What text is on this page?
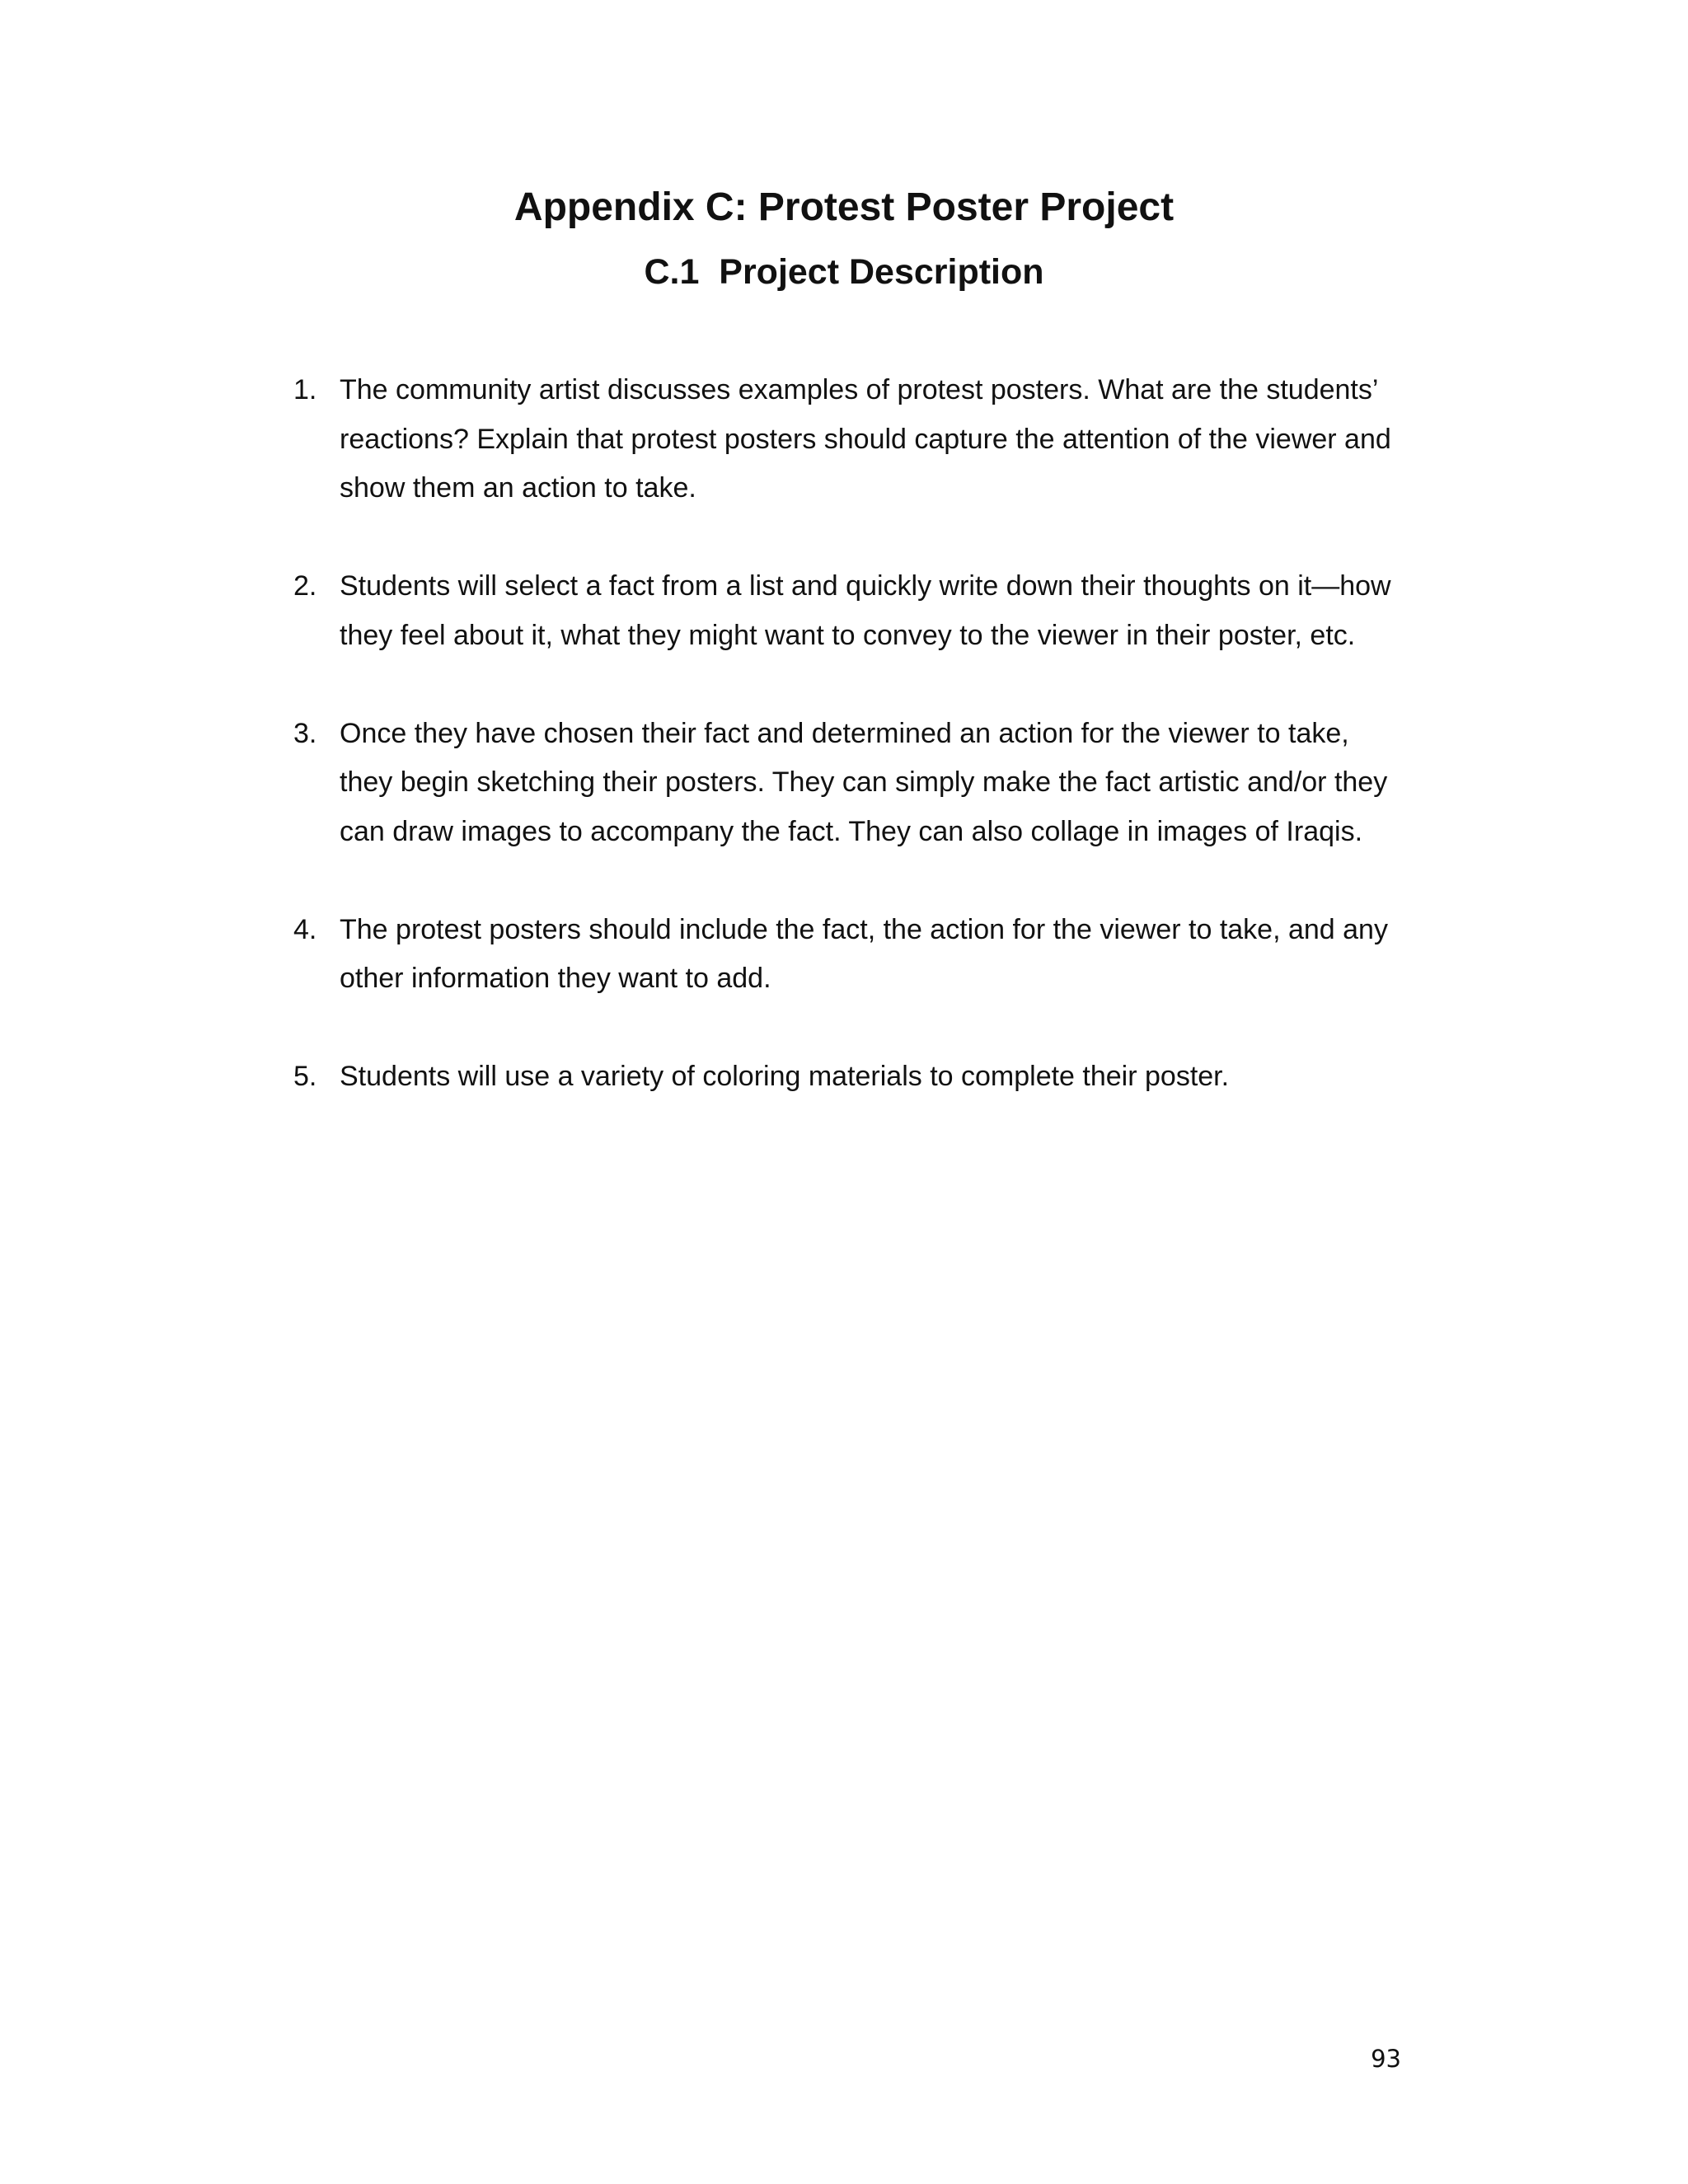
Appendix C: Protest Poster Project
C.1  Project Description
1. The community artist discusses examples of protest posters. What are the students’ reactions? Explain that protest posters should capture the attention of the viewer and show them an action to take.
2. Students will select a fact from a list and quickly write down their thoughts on it—how they feel about it, what they might want to convey to the viewer in their poster, etc.
3. Once they have chosen their fact and determined an action for the viewer to take, they begin sketching their posters. They can simply make the fact artistic and/or they can draw images to accompany the fact. They can also collage in images of Iraqis.
4. The protest posters should include the fact, the action for the viewer to take, and any other information they want to add.
5. Students will use a variety of coloring materials to complete their poster.
93
